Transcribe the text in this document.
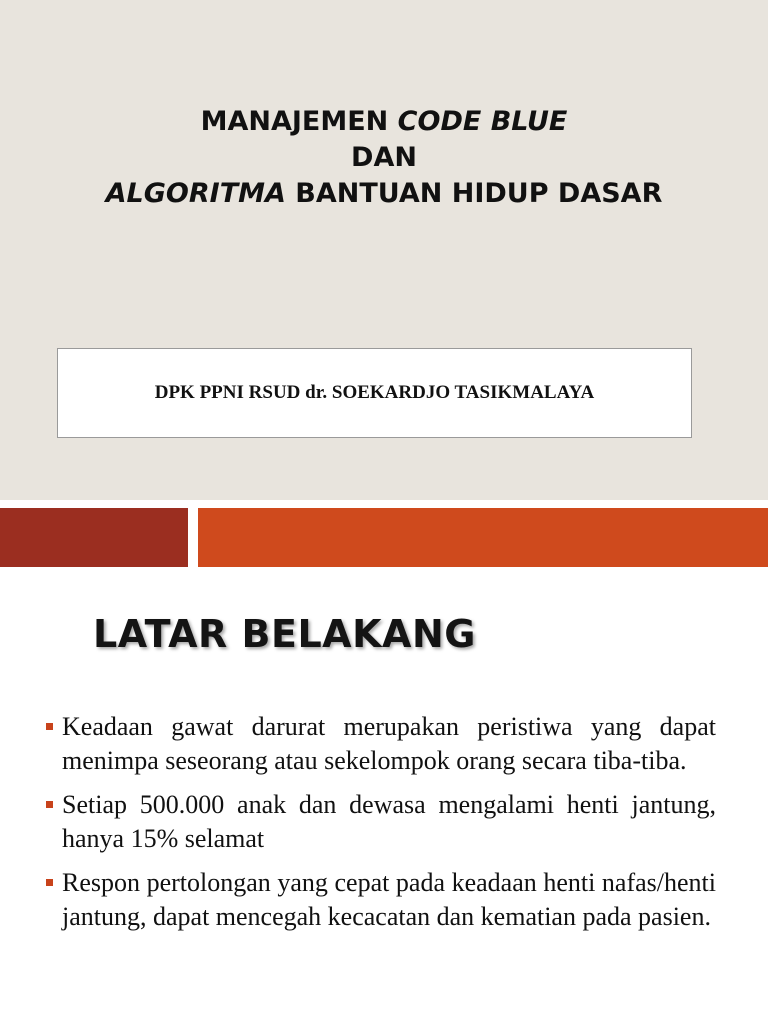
MANAJEMEN CODE BLUE
DAN
ALGORITMA BANTUAN HIDUP DASAR
DPK PPNI RSUD dr. SOEKARDJO TASIKMALAYA
LATAR BELAKANG
Keadaan gawat darurat merupakan peristiwa yang dapat menimpa seseorang atau sekelompok orang secara tiba-tiba.
Setiap 500.000 anak dan dewasa mengalami henti jantung, hanya 15% selamat
Respon pertolongan yang cepat pada keadaan henti nafas/henti jantung, dapat mencegah kecacatan dan kematian pada pasien.
